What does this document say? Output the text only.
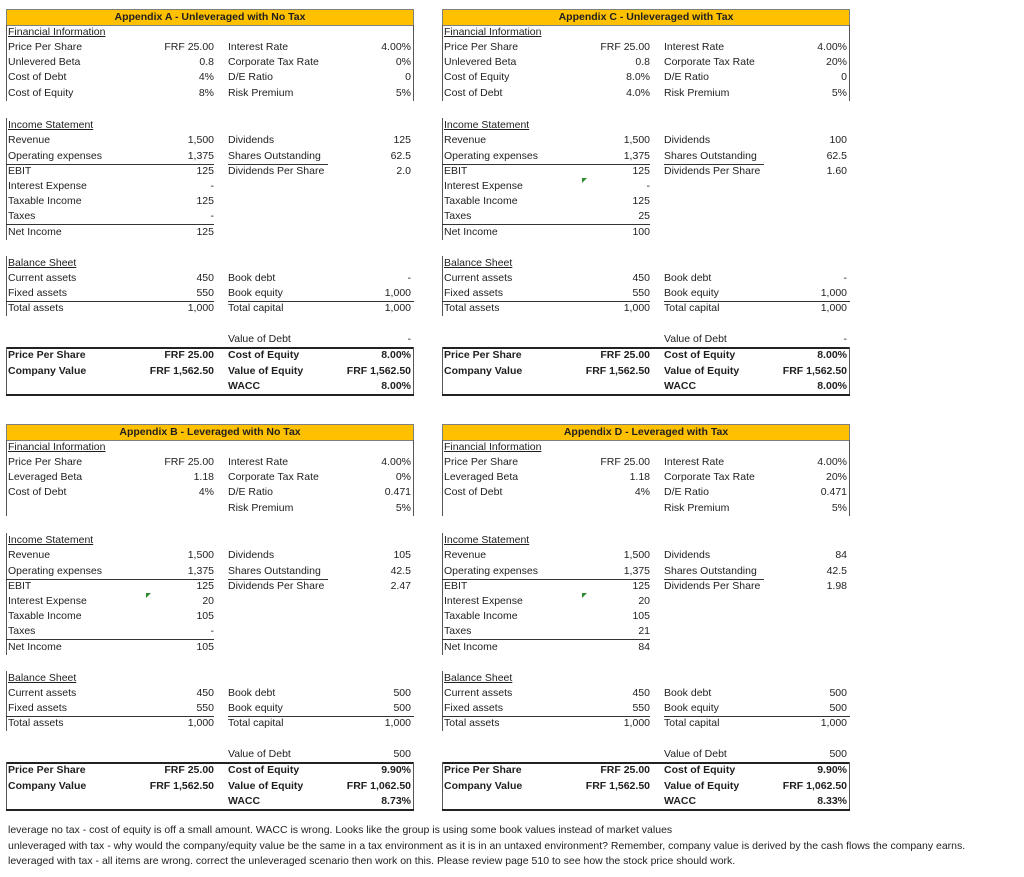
Appendix A - Unleveraged with No Tax
Financial Information
Price Per Share	FRF 25.00 Interest Rate	4.00%
Unlevered Beta	0.8 Corporate Tax Rate	0%
Cost of Debt	4% D/E Ratio	0
Cost of Equity	8% Risk Premium	5%
Income Statement
Revenue	1,500 Dividends	125
Operating expenses	1,375 Shares Outstanding	62.5
EBIT	125 Dividends Per Share	2.0
Interest Expense	-
Taxable Income	125
Taxes	-
Net Income	125
Balance Sheet
Current assets	450 Book debt	-
Fixed assets	550 Book equity	1,000
Total assets	1,000 Total capital	1,000
Value of Debt	-
Price Per Share	FRF 25.00 Cost of Equity	8.00%
Company Value	FRF 1,562.50 Value of Equity	FRF 1,562.50
WACC	8.00%
Appendix C - Unleveraged with Tax
Financial Information
Price Per Share	FRF 25.00 Interest Rate	4.00%
Unlevered Beta	0.8 Corporate Tax Rate	20%
Cost of Equity	8.0% D/E Ratio	0
Cost of Debt	4.0% Risk Premium	5%
Income Statement
Revenue	1,500 Dividends	100
Operating expenses	1,375 Shares Outstanding	62.5
EBIT	125 Dividends Per Share	1.60
Interest Expense	-
Taxable Income	125
Taxes	25
Net Income	100
Balance Sheet
Current assets	450 Book debt	-
Fixed assets	550 Book equity	1,000
Total assets	1,000 Total capital	1,000
Value of Debt	-
Price Per Share	FRF 25.00 Cost of Equity	8.00%
Company Value	FRF 1,562.50 Value of Equity	FRF 1,562.50
WACC	8.00%
Appendix B - Leveraged with No Tax
Financial Information
Price Per Share	FRF 25.00 Interest Rate	4.00%
Leveraged Beta	1.18 Corporate Tax Rate	0%
Cost of Debt	4% D/E Ratio	0.471
Risk Premium	5%
Income Statement
Revenue	1,500 Dividends	105
Operating expenses	1,375 Shares Outstanding	42.5
EBIT	125 Dividends Per Share	2.47
Interest Expense	20
Taxable Income	105
Taxes	-
Net Income	105
Balance Sheet
Current assets	450 Book debt	500
Fixed assets	550 Book equity	500
Total assets	1,000 Total capital	1,000
Value of Debt	500
Price Per Share	FRF 25.00 Cost of Equity	9.90%
Company Value	FRF 1,562.50 Value of Equity	FRF 1,062.50
WACC	8.73%
Appendix D - Leveraged with Tax
Financial Information
Price Per Share	FRF 25.00 Interest Rate	4.00%
Leveraged Beta	1.18 Corporate Tax Rate	20%
Cost of Debt	4% D/E Ratio	0.471
Risk Premium	5%
Income Statement
Revenue	1,500 Dividends	84
Operating expenses	1,375 Shares Outstanding	42.5
EBIT	125 Dividends Per Share	1.98
Interest Expense	20
Taxable Income	105
Taxes	21
Net Income	84
Balance Sheet
Current assets	450 Book debt	500
Fixed assets	550 Book equity	500
Total assets	1,000 Total capital	1,000
Value of Debt	500
Price Per Share	FRF 25.00 Cost of Equity	9.90%
Company Value	FRF 1,562.50 Value of Equity	FRF 1,062.50
WACC	8.33%
leverage no tax - cost of equity is off a small amount. WACC is wrong. Looks like the group is using some book values instead of market values
unleveraged with tax - why would the company/equity value be the same in a tax environment as it is in an untaxed environment? Remember, company value is derived by the cash flows the company earns.
leveraged with tax - all items are wrong. correct the unleveraged scenario then work on this. Please review page 510 to see how the stock price should work.
